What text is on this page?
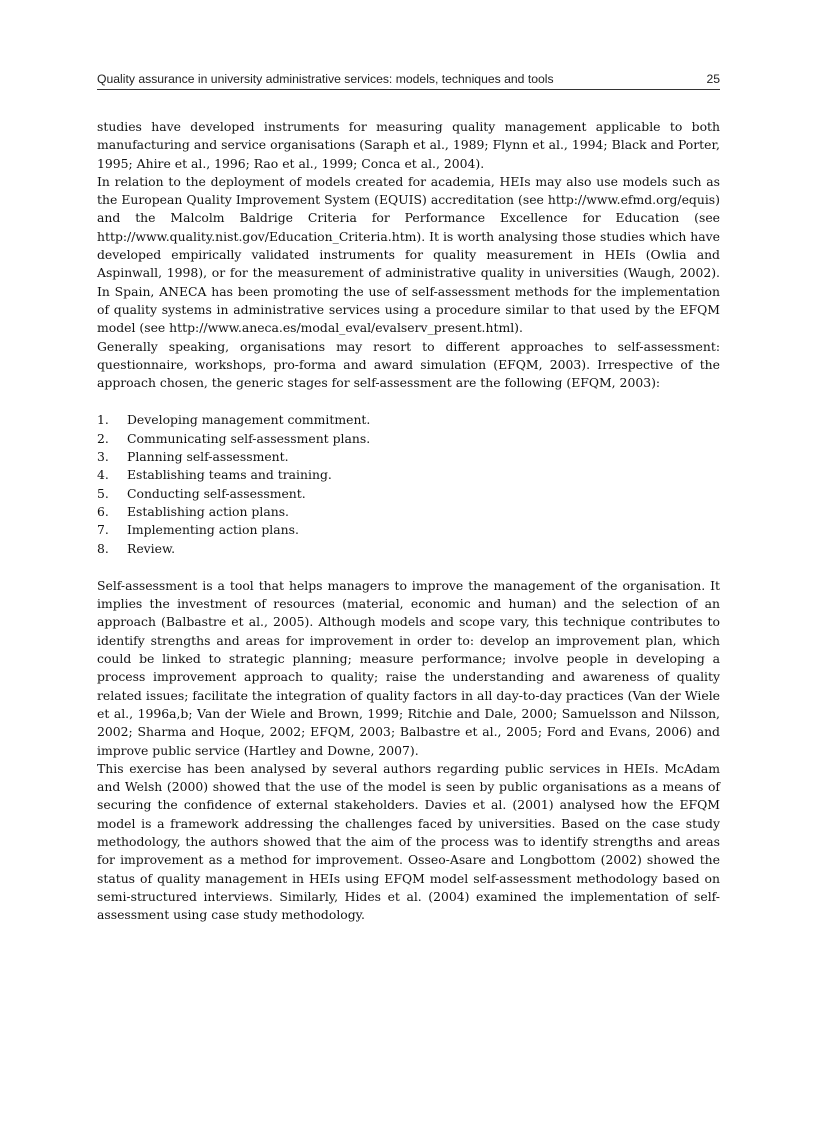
Quality assurance in university administrative services: models, techniques and tools	25

studies have developed instruments for measuring quality management applicable to both manufacturing and service organisations (Saraph et al., 1989; Flynn et al., 1994; Black and Porter, 1995; Ahire et al., 1996; Rao et al., 1999; Conca et al., 2004).

In relation to the deployment of models created for academia, HEIs may also use models such as the European Quality Improvement System (EQUIS) accreditation (see http://www.efmd.org/equis) and the Malcolm Baldrige Criteria for Performance Excellence for Education (see http://www.quality.nist.gov/Education_Criteria.htm). It is worth analysing those studies which have developed empirically validated instruments for quality measurement in HEIs (Owlia and Aspinwall, 1998), or for the measurement of administrative quality in universities (Waugh, 2002). In Spain, ANECA has been promoting the use of self-assessment methods for the implementation of quality systems in administrative services using a procedure similar to that used by the EFQM model (see http://www.aneca.es/modal_eval/evalserv_present.html).

Generally speaking, organisations may resort to different approaches to self-assessment: questionnaire, workshops, pro-forma and award simulation (EFQM, 2003). Irrespective of the approach chosen, the generic stages for self-assessment are the following (EFQM, 2003):

1.	Developing management commitment.
2.	Communicating self-assessment plans.
3.	Planning self-assessment.
4.	Establishing teams and training.
5.	Conducting self-assessment.
6.	Establishing action plans.
7.	Implementing action plans.
8.	Review.

Self-assessment is a tool that helps managers to improve the management of the organisation. It implies the investment of resources (material, economic and human) and the selection of an approach (Balbastre et al., 2005). Although models and scope vary, this technique contributes to identify strengths and areas for improvement in order to: develop an improvement plan, which could be linked to strategic planning; measure performance; involve people in developing a process improvement approach to quality; raise the understanding and awareness of quality related issues; facilitate the integration of quality factors in all day-to-day practices (Van der Wiele et al., 1996a,b; Van der Wiele and Brown, 1999; Ritchie and Dale, 2000; Samuelsson and Nilsson, 2002; Sharma and Hoque, 2002; EFQM, 2003; Balbastre et al., 2005; Ford and Evans, 2006) and improve public service (Hartley and Downe, 2007).

This exercise has been analysed by several authors regarding public services in HEIs. McAdam and Welsh (2000) showed that the use of the model is seen by public organisations as a means of securing the confidence of external stakeholders. Davies et al. (2001) analysed how the EFQM model is a framework addressing the challenges faced by universities. Based on the case study methodology, the authors showed that the aim of the process was to identify strengths and areas for improvement as a method for improvement. Osseo-Asare and Longbottom (2002) showed the status of quality management in HEIs using EFQM model self-assessment methodology based on semi-structured interviews. Similarly, Hides et al. (2004) examined the implementation of self-assessment using case study methodology.
